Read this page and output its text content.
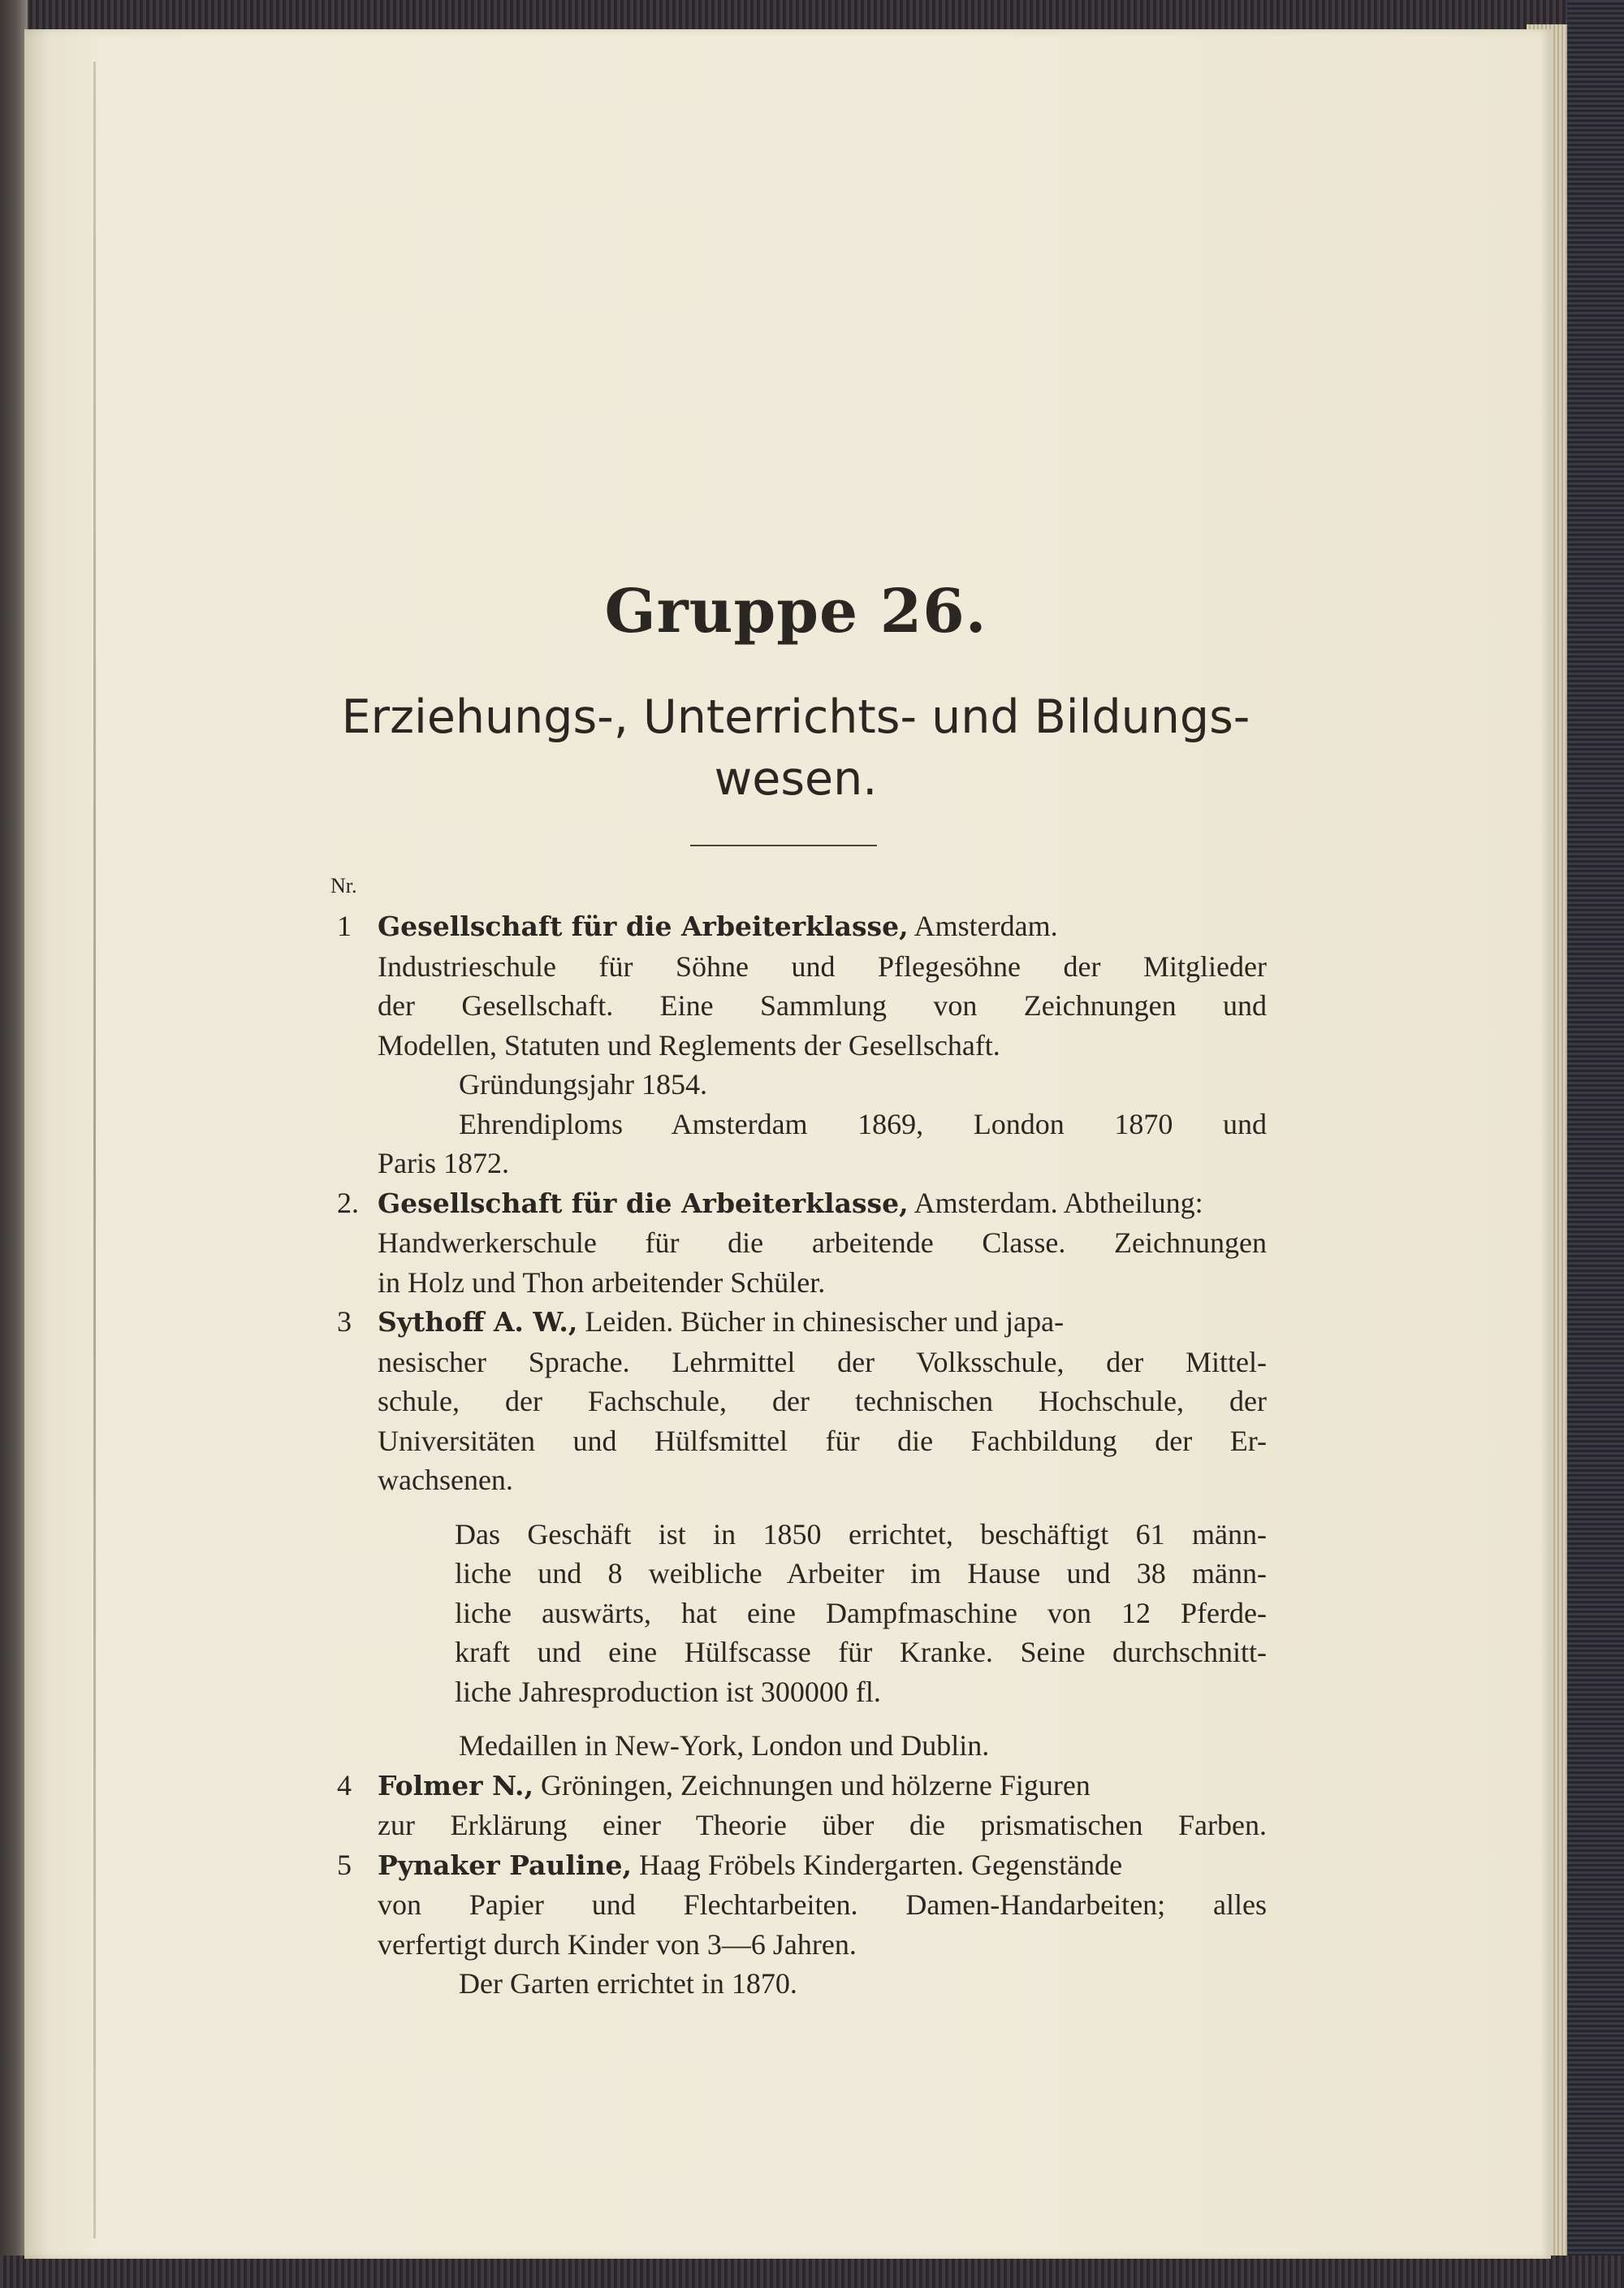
Gruppe 26.
Erziehungs-, Unterrichts- und Bildungs-
wesen.
Nr.
1 Gesellschaft für die Arbeiterklasse, Amsterdam.
Industrieschule für Söhne und Pflegesöhne der Mitglieder
der Gesellschaft. Eine Sammlung von Zeichnungen und
Modellen, Statuten und Reglements der Gesellschaft.
Gründungsjahr 1854.
Ehrendiploms Amsterdam 1869, London 1870 und
Paris 1872.
2. Gesellschaft für die Arbeiterklasse, Amsterdam. Abtheilung:
Handwerkerschule für die arbeitende Classe. Zeichnungen
in Holz und Thon arbeitender Schüler.
3 Sythoff A. W., Leiden. Bücher in chinesischer und japa-
nesischer Sprache. Lehrmittel der Volksschule, der Mittel-
schule, der Fachschule, der technischen Hochschule, der
Universitäten und Hülfsmittel für die Fachbildung der Er-
wachsenen.
Das Geschäft ist in 1850 errichtet, beschäftigt 61 männ-
liche und 8 weibliche Arbeiter im Hause und 38 männ-
liche auswärts, hat eine Dampfmaschine von 12 Pferde-
kraft und eine Hülfscasse für Kranke. Seine durchschnitt-
liche Jahresproduction ist 300000 fl.
Medaillen in New-York, London und Dublin.
4 Folmer N., Gröningen, Zeichnungen und hölzerne Figuren
zur Erklärung einer Theorie über die prismatischen Farben.
5 Pynaker Pauline, Haag Fröbels Kindergarten. Gegenstände
von Papier und Flechtarbeiten. Damen-Handarbeiten; alles
verfertigt durch Kinder von 3—6 Jahren.
Der Garten errichtet in 1870.
